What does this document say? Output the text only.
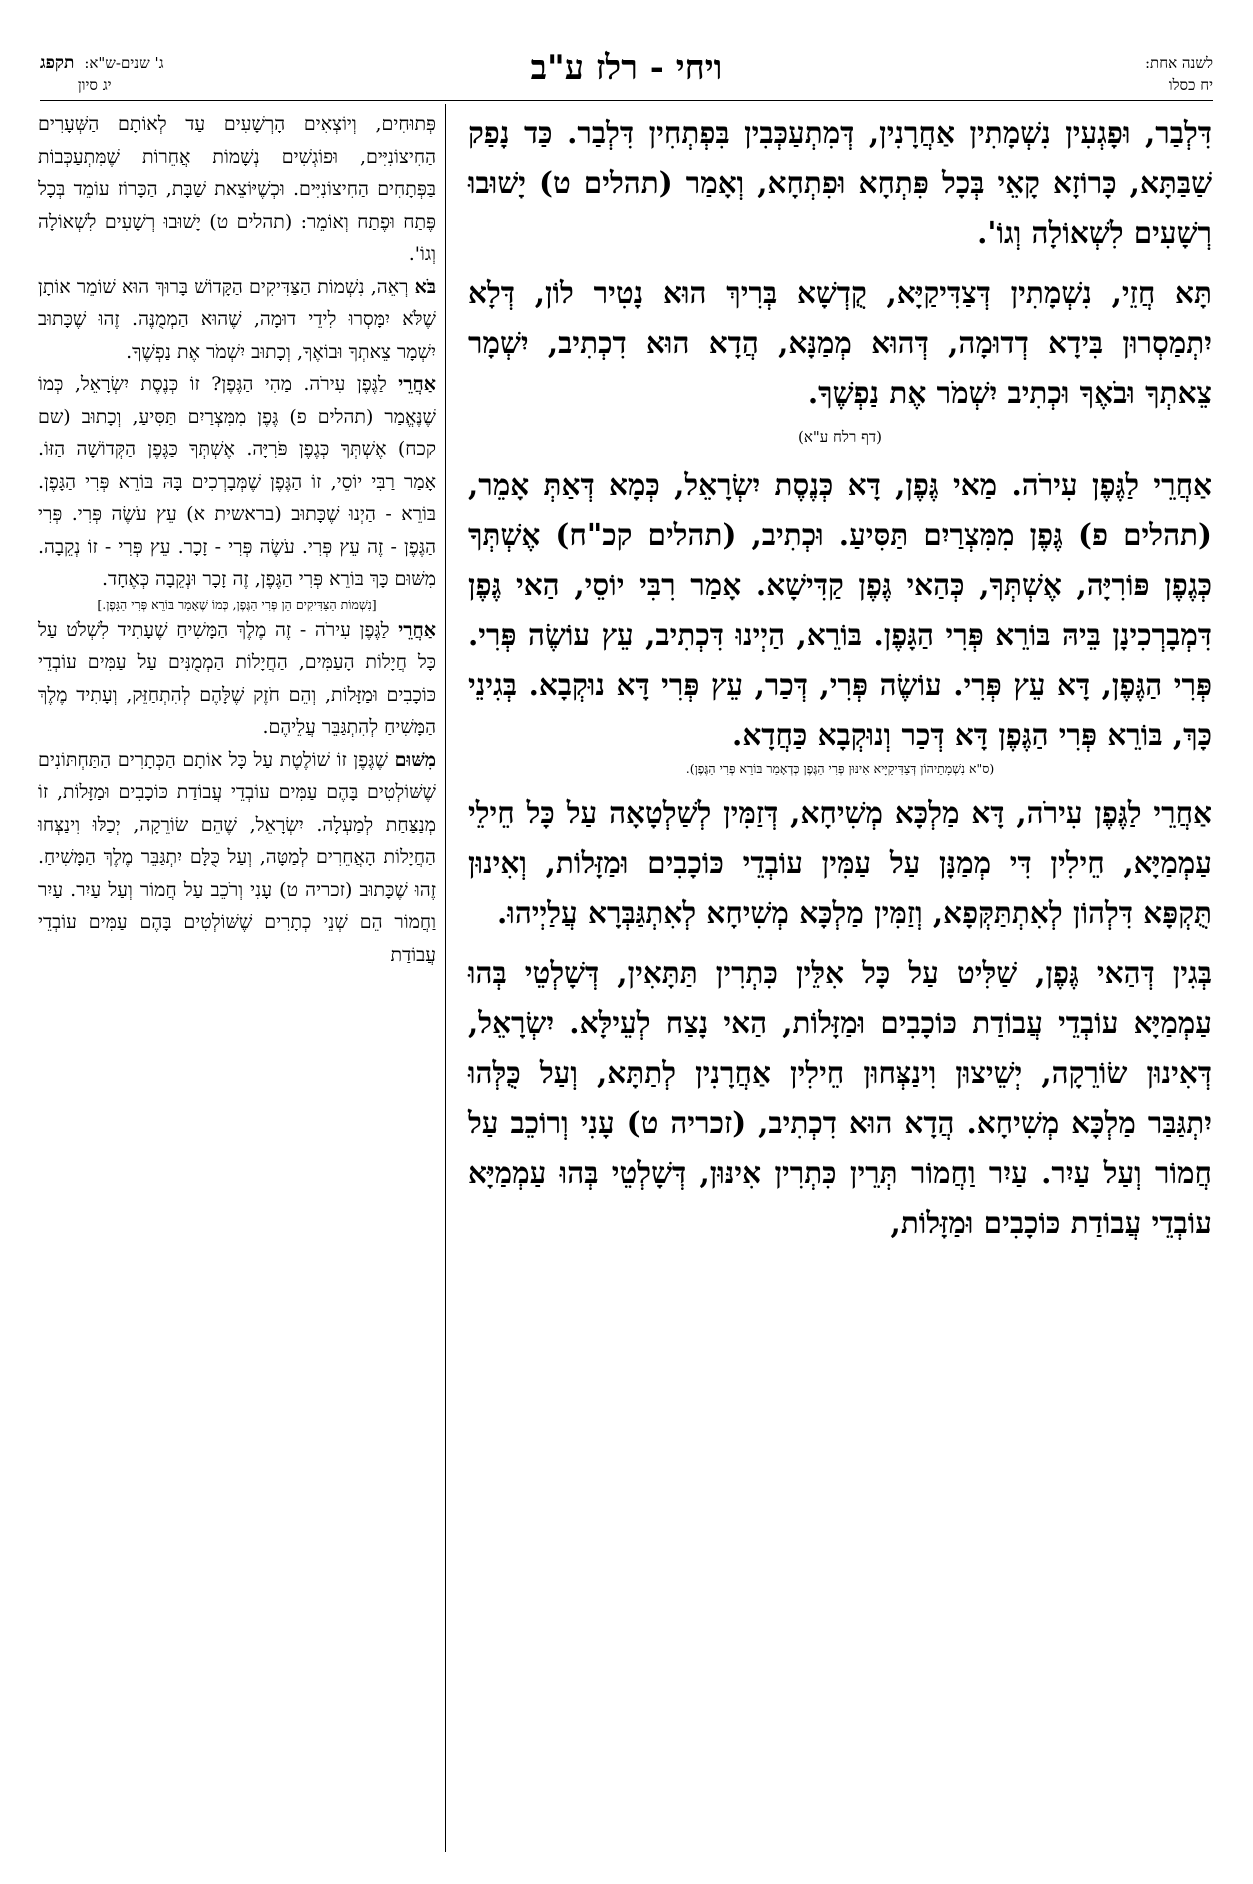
לשנה אחת:
יח כסלו
ויחי - רלז ע"ב
ג' שנים-ש"א:
תקפג
יג סיון

דִּלְבַר, וּפָגְעִין נִשְׁמָתִין אַחֲרָנִין, דְּמִתְעַכְּבִין בִּפְתְחִין דִּלְבַר. כַּד נָפַק שַׁבַּתָּא, כָּרוֹזָא קָאֵי בְּכָל פִּתְחָא וּפִתְחָא, וְאָמַר (תהלים ט) יָשׁוּבוּ רְשָׁעִים לִשְׁאוֹלָה וְגוֹ'.

תָּא חֲזֵי, נִשְׁמָתִין דְּצַדִּיקַיָּא, קֻדְשָׁא בְּרִיךְ הוּא נָטִיר לוֹן, דְּלָא יִתְמַסְרוּן בִּידָא דְדוּמָה, דְּהוּא מְמַנָּא, הֲדָא הוּא דִכְתִיב, יִשְׁמָר צֵאתְךָ וּבֹאֶךָ וּכְתִיב יִשְׁמֹר אֶת נַפְשֶׁךָ.

(דף רלח ע"א)

אַחֲרֵי לַגֶּפֶן עִירֹה. מַאי גֶּפֶן, דָּא כְּנֶסֶת יִשְׂרָאֵל, כְּמָא דְּאַתְּ אָמֵר, (תהלים פ) גֶּפֶן מִמִּצְרַיִם תַּסִּיעַ. וּכְתִיב, (תהלים קכ"ח) אֶשְׁתְּךָ כְּגֶפֶן פּוֹרִיָּה, אֶשְׁתְּךָ, כְּהַאי גֶּפֶן קַדִּישָׁא. אָמַר רִבִּי יוֹסֵי, הַאי גֶּפֶן דִּמְבָרְכִינָן בֵּיהּ בּוֹרֵא פְּרִי הַגָּפֶן. בּוֹרֵא, הַיְינוּ דִּכְתִיב, עֵץ עוֹשֶׂה פְּרִי. פְּרִי הַגֶּפֶן, דָּא עֵץ פְּרִי. עוֹשֶׂה פְּרִי, דְּכַר, עֵץ פְּרִי דָּא נוּקְבָא. בְּגִינֵי כָּךְ, בּוֹרֵא פְּרִי הַגֶּפֶן דָּא דְּכַר וְנוּקְבָא כַּחֲדָא.

(ס"א נִשְׁמָתֵיהוֹן דְּצַדִּיקַיָּיא אִינּוּן פְּרִי הַגֶּפֶן כְּדְאָמַר בּוֹרֵא פְּרִי הַגֶּפֶן).

אַחֲרֵי לַגֶּפֶן עִירֹה, דָּא מַלְכָּא מְשִׁיחָא, דְּזַמִּין לְשַׁלְטָאָה עַל כָּל חֵילֵי עַמְמַיָּא, חֵילִין דִּי מְמַנָּן עַל עַמִּין עוֹבְדֵי כּוֹכָבִים וּמַזָּלוֹת, וְאִינוּן תֻּקְפָּא דִּלְהוֹן לְאִתְתַּקְּפָא, וְזַמִּין מַלְכָּא מְשִׁיחָא לְאִתְגַּבְּרָא עֲלַיְיהוּ.

בְּגִין דְּהַאי גֶּפֶן, שַׁלִּיט עַל כָּל אִלֵּין כִּתְרִין תַּתָּאִין, דְּשָׁלְטֵי בְּהוּ עַמְמַיָּא עוֹבְדֵי עֲבוֹדַת כּוֹכָבִים וּמַזָּלוֹת, הַאי נָצַח לְעֵילָּא. יִשְׂרָאֵל, דְּאִינוּן שׂוֹרֵקָה, יְשֵׁיצוּן וִינַצְּחוּן חֵילִין אַחֲרָנִין לְתַתָּא, וְעַל כֻּלְּהוּ יִתְגַּבַּר מַלְכָּא מְשִׁיחָא. הֲדָא הוּא דִכְתִיב, (זכריה ט) עָנִי וְרוֹכֵב עַל חֲמוֹר וְעַל עַיִר. עַיִר וַחֲמוֹר תְּרֵין כִּתְרִין אִינּוּן, דְּשָׁלְטֵי בְּהוּ עַמְמַיָּא עוֹבְדֵי עֲבוֹדַת כּוֹכָבִים וּמַזָּלוֹת,

פְּתוּחִים, וְיוֹצְאִים הָרְשָׁעִים עַד לְאוֹתָם הַשְּׁעָרִים הַחִיצוֹנִיִּים, וּפוֹגְשִׁים נְשָׁמוֹת אֲחֵרוֹת שֶׁמִּתְעַכְּבוֹת בַּפְּתָחִים הַחִיצוֹנִיִּים. וּכְשֶׁיּוֹצֵאת שַׁבָּת, הַכָּרוֹז עוֹמֵד בְּכָל פֶּתַח וּפֶתַח וְאוֹמֵר: (תהלים ט) יָשׁוּבוּ רְשָׁעִים לִשְׁאוֹלָה וְגוֹ'.

בֹּא רְאֵה, נִשְׁמוֹת הַצַּדִּיקִים הַקָּדוֹשׁ בָּרוּךְ הוּא שׁוֹמֵר אוֹתָן שֶׁלֹּא יִמָּסְרוּ לִידֵי דוּמָה, שֶׁהוּא הַמְמֻנֶּה. זֶהוּ שֶׁכָּתוּב יִשְׁמָר צֵאתְךָ וּבוֹאֶךָ, וְכָתוּב יִשְׁמֹר אֶת נַפְשֶׁךָ.

אַחֲרֵי לַגֶּפֶן עִירֹה. מַהִי הַגֶּפֶן? זוֹ כְּנֶסֶת יִשְׂרָאֵל, כְּמוֹ שֶׁנֶּאֱמַר (תהלים פ) גֶּפֶן מִמִּצְרַיִם תַּסִּיעַ, וְכָתוּב (שם קכח) אֶשְׁתְּךָ כְּגֶפֶן פֹּרִיָּה. אֶשְׁתְּךָ כַּגֶּפֶן הַקְּדוֹשָׁה הַזּוֹ. אָמַר רַבִּי יוֹסֵי, זוֹ הַגֶּפֶן שֶׁמְּבָרְכִים בָּהּ בּוֹרֵא פְּרִי הַגָּפֶן. בּוֹרֵא - הַיְנוּ שֶׁכָּתוּב (בראשית א) עֵץ עֹשֶׂה פְּרִי. פְּרִי הַגֶּפֶן - זֶה עֵץ פְּרִי. עֹשֶׂה פְּרִי - זָכָר. עֵץ פְּרִי - זוֹ נְקֵבָה. מִשּׁוּם כָּךְ בּוֹרֵא פְּרִי הַגֶּפֶן, זֶה זָכָר וּנְקֵבָה כְּאֶחָד.

[נִשְׁמוֹת הַצַּדִּיקִים הֵן פְּרִי הַגֶּפֶן, כְּמוֹ שֶׁאָמַר בּוֹרֵא פְּרִי הַגָּפֶן.]

אַחֲרֵי לַגֶּפֶן עִירֹה - זֶה מֶלֶךְ הַמָּשִׁיחַ שֶׁעָתִיד לִשְׁלֹט עַל כָּל חֲיָלוֹת הָעַמִּים, הַחֲיָלוֹת הַמְמֻנִּים עַל עַמִּים עוֹבְדֵי כּוֹכָבִים וּמַזָּלוֹת, וְהֵם חֹזֶק שֶׁלָּהֶם לְהִתְחַזֵּק, וְעָתִיד מֶלֶךְ הַמָּשִׁיחַ לְהִתְגַּבֵּר עֲלֵיהֶם.

מִשּׁוּם שֶׁגֶּפֶן זוֹ שׁוֹלֶטֶת עַל כָּל אוֹתָם הַכְּתָרִים הַתַּחְתּוֹנִים שֶׁשּׁוֹלְטִים בָּהֶם עַמִּים עוֹבְדֵי עֲבוֹדַת כּוֹכָבִים וּמַזָּלוֹת, זוֹ מְנַצַּחַת לְמַעְלָה. יִשְׂרָאֵל, שֶׁהֵם שׂוֹרֵקָה, יְכַלּוּ וִינַצְּחוּ הַחֲיָלוֹת הָאֲחֵרִים לְמַטָּה, וְעַל כֻּלָּם יִתְגַּבֵּר מֶלֶךְ הַמָּשִׁיחַ. זֶהוּ שֶׁכָּתוּב (זכריה ט) עָנִי וְרֹכֵב עַל חֲמוֹר וְעַל עַיִר. עַיִר וַחֲמוֹר הֵם שְׁנֵי כְתָרִים שֶׁשּׁוֹלְטִים בָּהֶם עַמִּים עוֹבְדֵי עֲבוֹדַת
